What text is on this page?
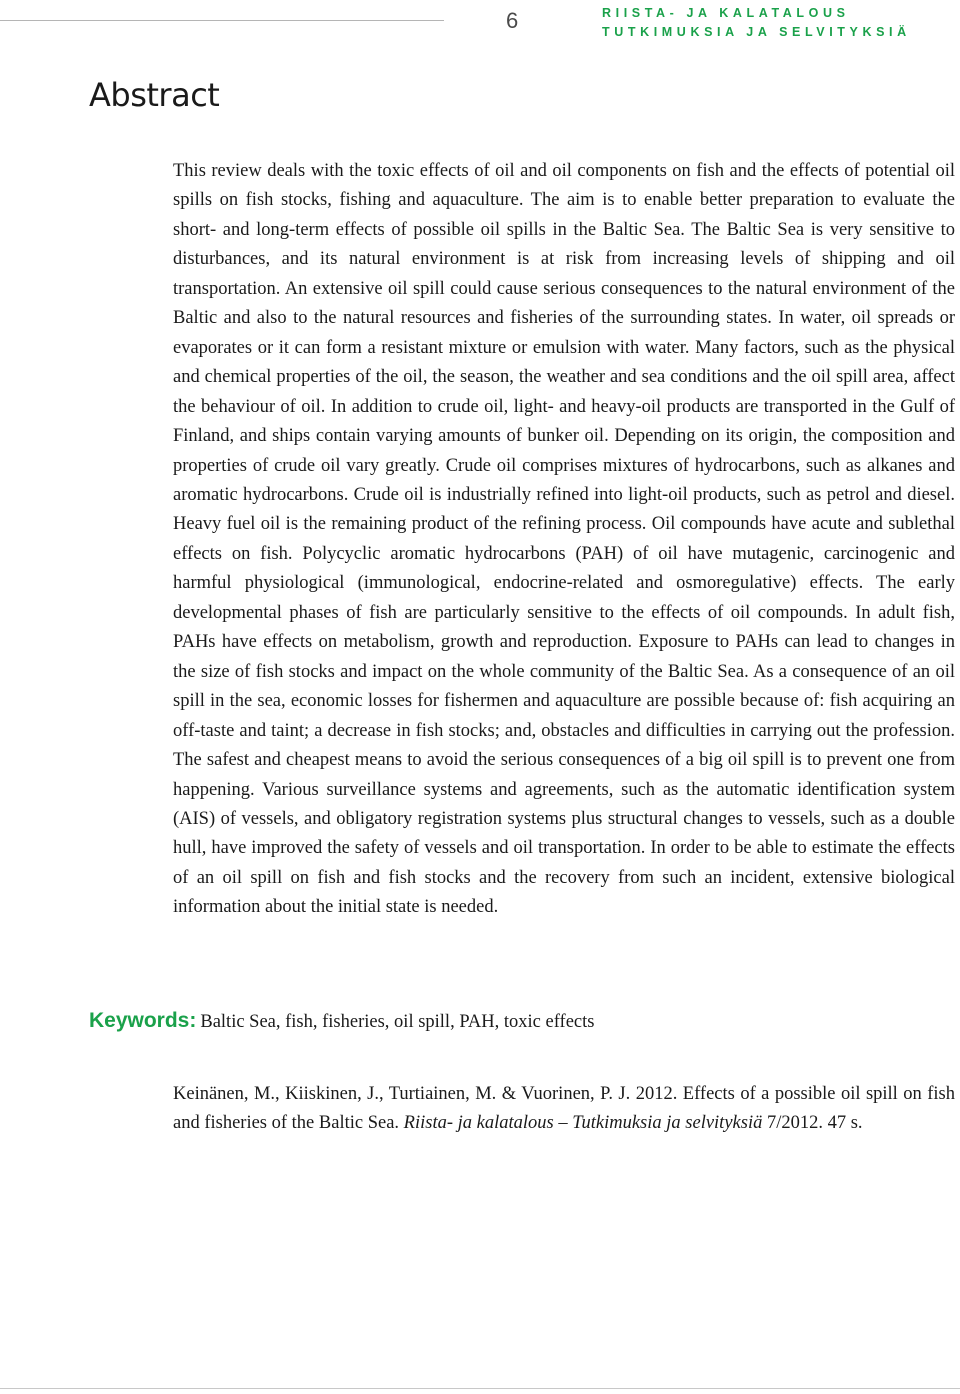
6	RIISTA- JA KALATALOUS
TUTKIMUKSIA JA SELVITYKSIÄ
Abstract

This review deals with the toxic effects of oil and oil components on fish and the effects of potential oil spills on fish stocks, fishing and aquaculture. The aim is to enable better preparation to evaluate the short- and long-term effects of possible oil spills in the Baltic Sea. The Baltic Sea is very sensitive to disturbances, and its natural environment is at risk from increasing levels of shipping and oil transportation. An extensive oil spill could cause serious consequences to the natural environment of the Baltic and also to the natural resources and fisheries of the surrounding states. In water, oil spreads or evaporates or it can form a resistant mixture or emulsion with water. Many factors, such as the physical and chemical properties of the oil, the season, the weather and sea conditions and the oil spill area, affect the behaviour of oil. In addition to crude oil, light- and heavy-oil products are transported in the Gulf of Finland, and ships contain varying amounts of bunker oil. Depending on its origin, the composition and properties of crude oil vary greatly. Crude oil comprises mixtures of hydrocarbons, such as alkanes and aromatic hydrocarbons. Crude oil is industrially refined into light-oil products, such as petrol and diesel. Heavy fuel oil is the remaining product of the refining process. Oil compounds have acute and sublethal effects on fish. Polycyclic aromatic hydrocarbons (PAH) of oil have mutagenic, carcinogenic and harmful physiological (immunological, endocrine-related and osmoregulative) effects. The early developmental phases of fish are particularly sensitive to the effects of oil compounds. In adult fish, PAHs have effects on metabolism, growth and reproduction. Exposure to PAHs can lead to changes in the size of fish stocks and impact on the whole community of the Baltic Sea. As a consequence of an oil spill in the sea, economic losses for fishermen and aquaculture are possible because of: fish acquiring an off-taste and taint; a decrease in fish stocks; and, obstacles and difficulties in carrying out the profession. The safest and cheapest means to avoid the serious consequences of a big oil spill is to prevent one from happening. Various surveillance systems and agreements, such as the automatic identification system (AIS) of vessels, and obligatory registration systems plus structural changes to vessels, such as a double hull, have improved the safety of vessels and oil transportation. In order to be able to estimate the effects of an oil spill on fish and fish stocks and the recovery from such an incident, extensive biological information about the initial state is needed.

Keywords: Baltic Sea, fish, fisheries, oil spill, PAH, toxic effects

Keinänen, M., Kiiskinen, J., Turtiainen, M. & Vuorinen, P. J. 2012. Effects of a possible oil spill on fish and fisheries of the Baltic Sea. Riista- ja kalatalous – Tutkimuksia ja selvityksiä 7/2012. 47 s.
